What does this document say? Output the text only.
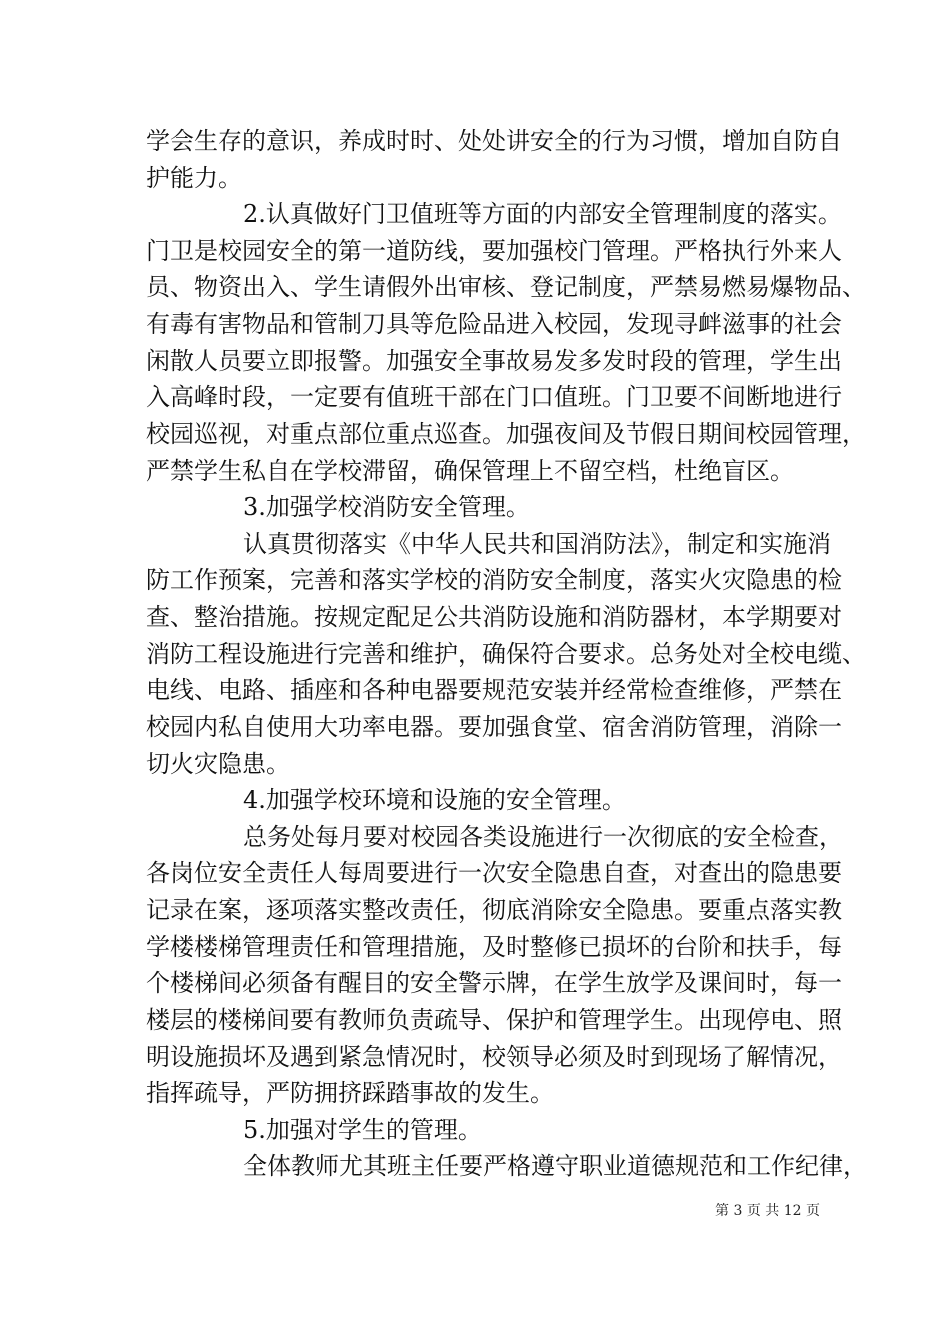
学会生存的意识，养成时时、处处讲安全的行为习惯，增加自防自
护能力。
2.认真做好门卫值班等方面的内部安全管理制度的落实。
门卫是校园安全的第一道防线，要加强校门管理。严格执行外来人
员、物资出入、学生请假外出审核、登记制度，严禁易燃易爆物品、
有毒有害物品和管制刀具等危险品进入校园，发现寻衅滋事的社会
闲散人员要立即报警。加强安全事故易发多发时段的管理，学生出
入高峰时段，一定要有值班干部在门口值班。门卫要不间断地进行
校园巡视，对重点部位重点巡查。加强夜间及节假日期间校园管理，
严禁学生私自在学校滞留，确保管理上不留空档，杜绝盲区。
3.加强学校消防安全管理。
认真贯彻落实《中华人民共和国消防法》，制定和实施消
防工作预案，完善和落实学校的消防安全制度，落实火灾隐患的检
查、整治措施。按规定配足公共消防设施和消防器材，本学期要对
消防工程设施进行完善和维护，确保符合要求。总务处对全校电缆、
电线、电路、插座和各种电器要规范安装并经常检查维修，严禁在
校园内私自使用大功率电器。要加强食堂、宿舍消防管理，消除一
切火灾隐患。
4.加强学校环境和设施的安全管理。
总务处每月要对校园各类设施进行一次彻底的安全检查，
各岗位安全责任人每周要进行一次安全隐患自查，对查出的隐患要
记录在案，逐项落实整改责任，彻底消除安全隐患。要重点落实教
学楼楼梯管理责任和管理措施，及时整修已损坏的台阶和扶手，每
个楼梯间必须备有醒目的安全警示牌，在学生放学及课间时，每一
楼层的楼梯间要有教师负责疏导、保护和管理学生。出现停电、照
明设施损坏及遇到紧急情况时，校领导必须及时到现场了解情况，
指挥疏导，严防拥挤踩踏事故的发生。
5.加强对学生的管理。
全体教师尤其班主任要严格遵守职业道德规范和工作纪律，
第 3 页 共 12 页
